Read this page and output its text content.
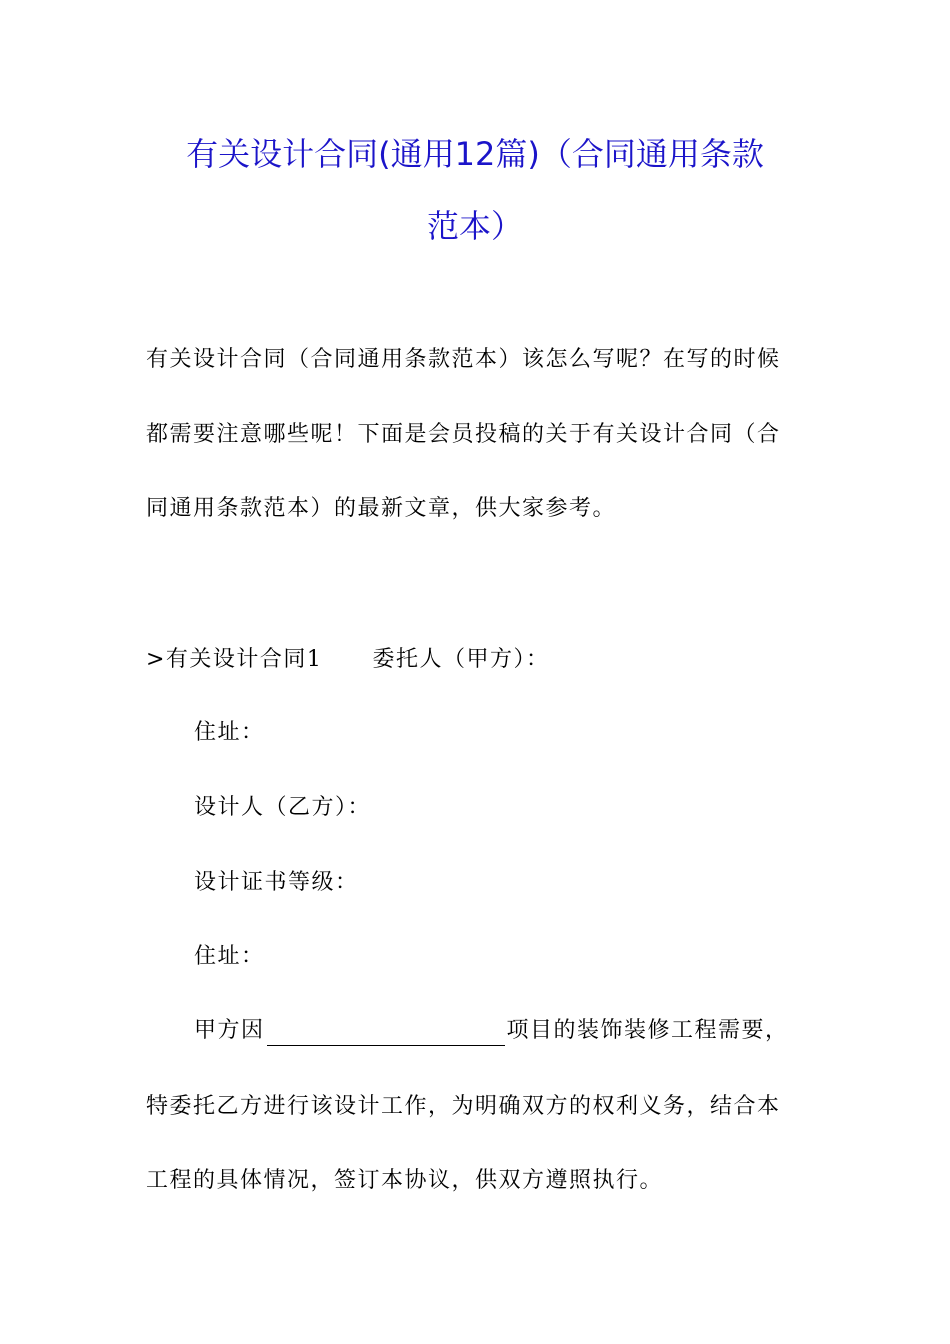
有关设计合同(通用12篇)（合同通用条款
范本）
有关设计合同（合同通用条款范本）该怎么写呢？在写的时候
都需要注意哪些呢！下面是会员投稿的关于有关设计合同（合
同通用条款范本）的最新文章，供大家参考。
>有关设计合同1 委托人（甲方）：
住址：
设计人（乙方）：
设计证书等级：
住址：
甲方因	项目的装饰装修工程需要，
特委托乙方进行该设计工作，为明确双方的权利义务，结合本
工程的具体情况，签订本协议，供双方遵照执行。
